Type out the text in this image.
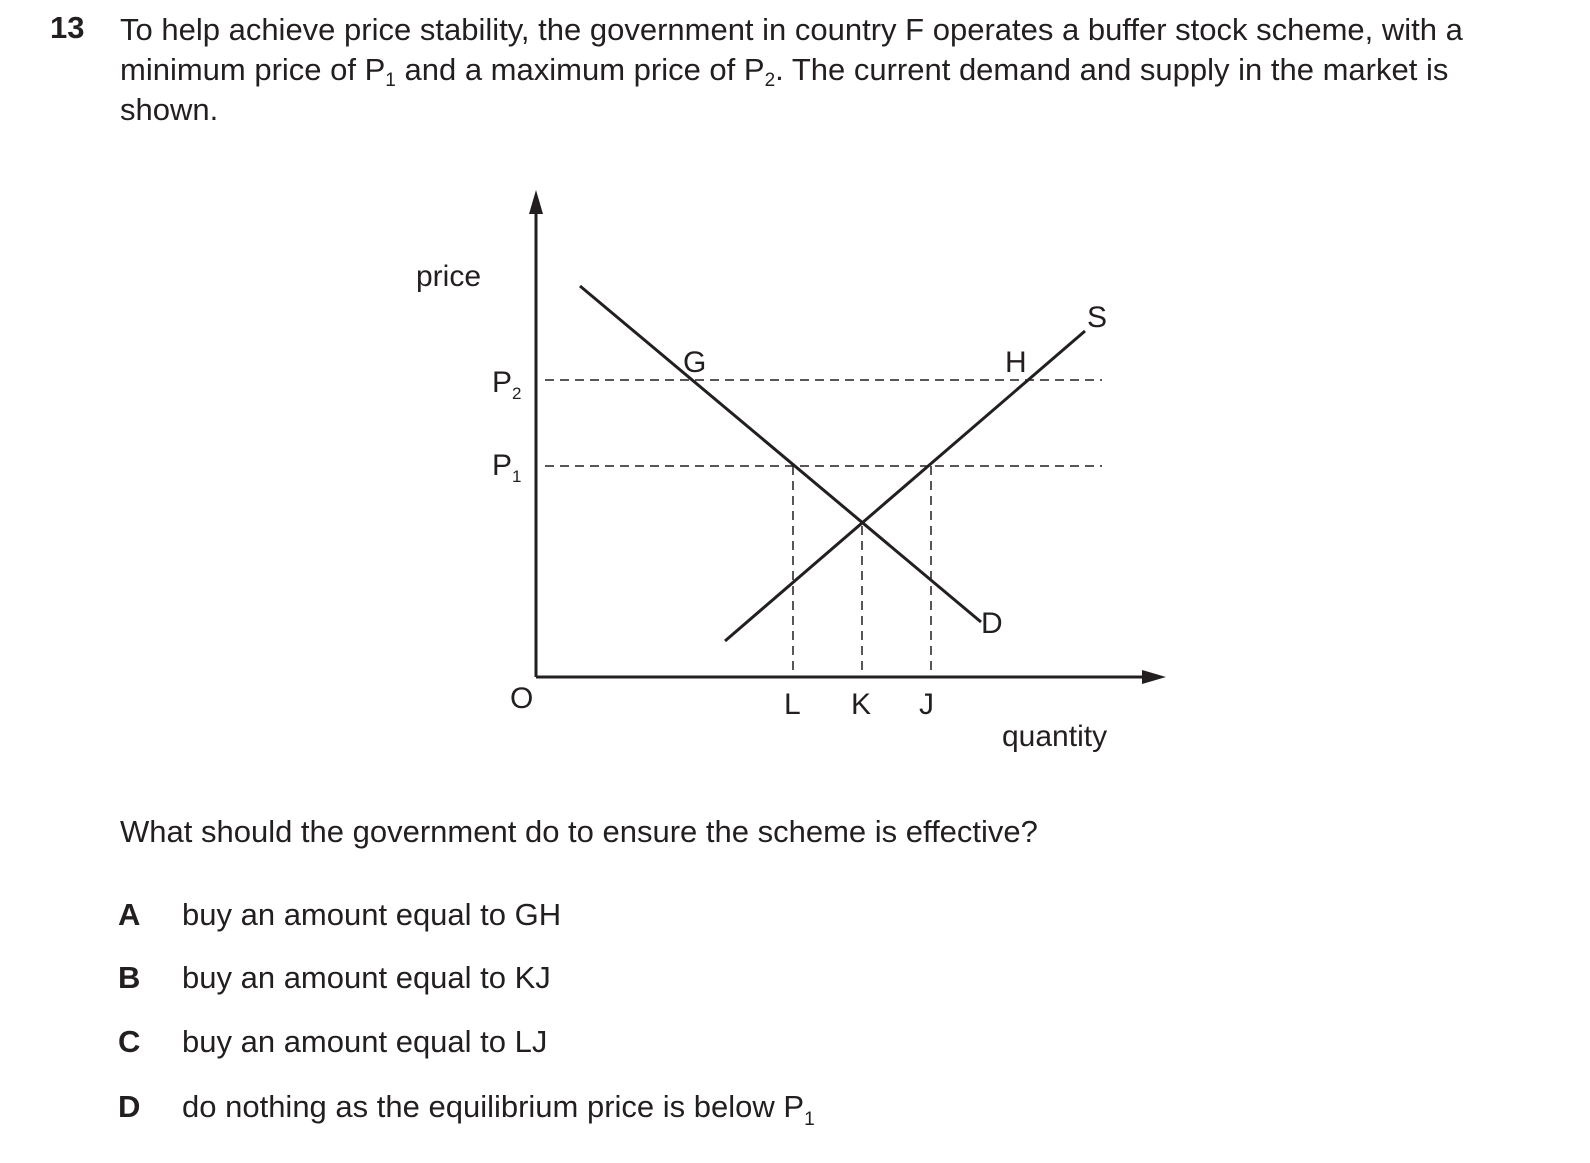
13 To help achieve price stability, the government in country F operates a buffer stock scheme, with a minimum price of $P_1$ and a maximum price of $P_2$. The current demand and supply in the market is shown.
price
quantity
O
$P_2$
$P_1$
L K J
G	H
S
D
What should the government do to ensure the scheme is effective?
A buy an amount equal to GH
B buy an amount equal to KJ
C buy an amount equal to LJ
D do nothing as the equilibrium price is below $P_1$
